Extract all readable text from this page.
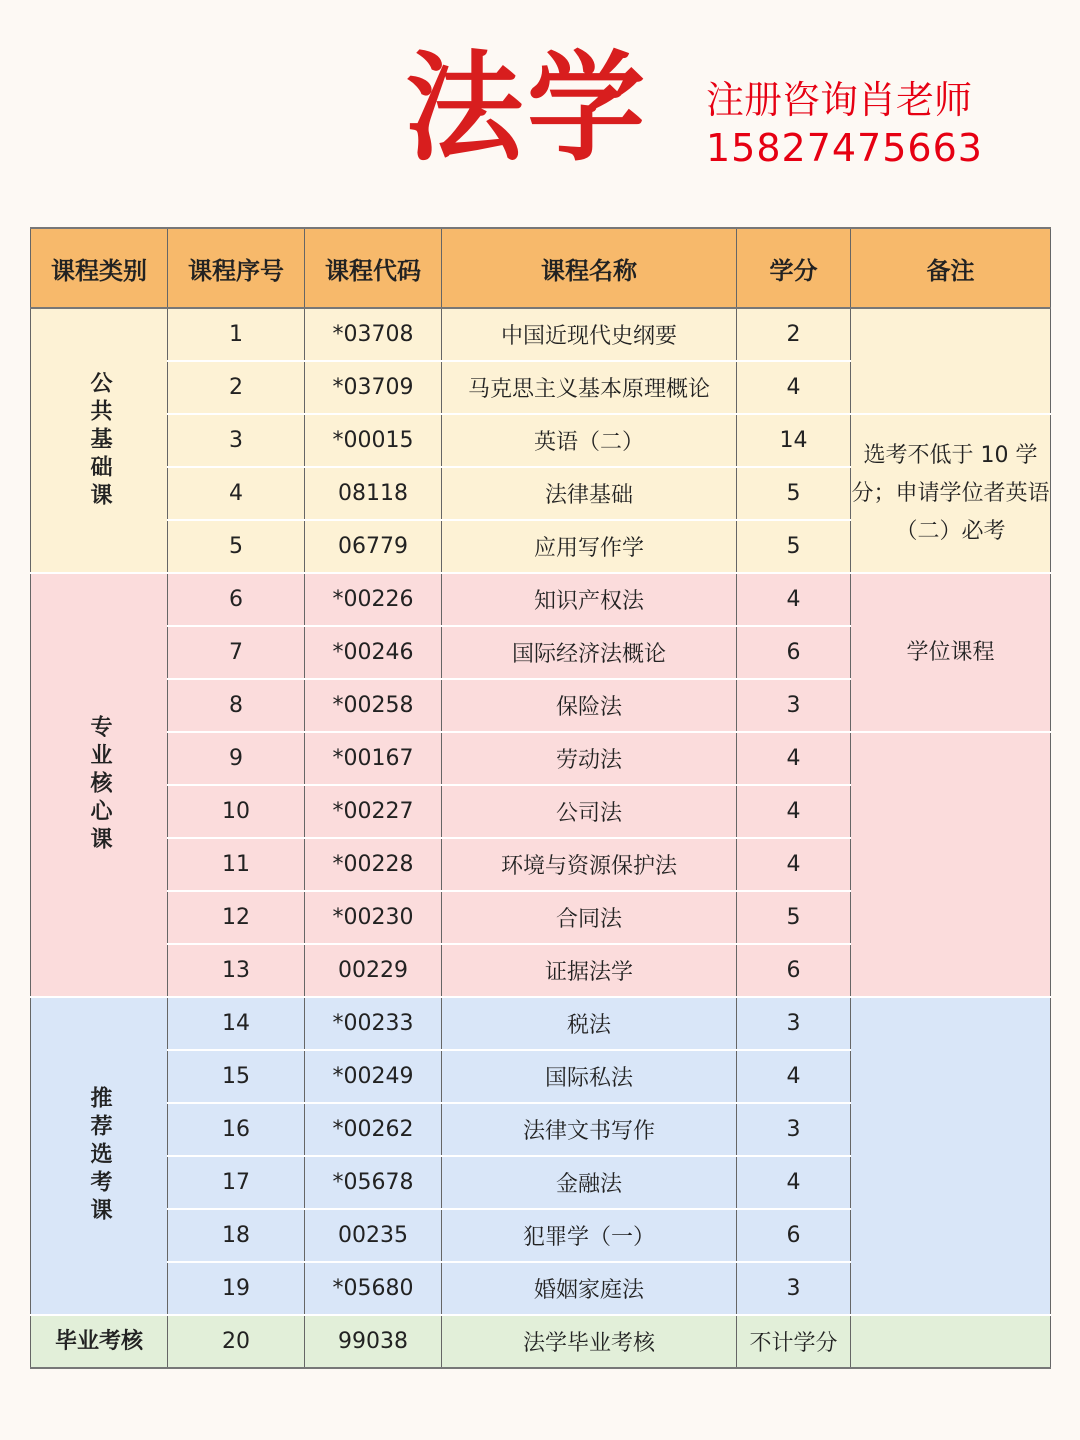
法学 注册咨询肖老师
15827475663
课程类别	课程序号	课程代码	课程名称	学分	备注
公共基础课	1	*03708	中国近现代史纲要	2	
	2	*03709	马克思主义基本原理概论	4	
	3	*00015	英语（二）	14	选考不低于 10 学分；申请学位者英语（二）必考
	4	08118	法律基础	5	
	5	06779	应用写作学	5	
专业核心课	6	*00226	知识产权法	4	学位课程
	7	*00246	国际经济法概论	6	
	8	*00258	保险法	3	
	9	*00167	劳动法	4	
	10	*00227	公司法	4	
	11	*00228	环境与资源保护法	4	
	12	*00230	合同法	5	
	13	00229	证据法学	6	
推荐选考课	14	*00233	税法	3	
	15	*00249	国际私法	4	
	16	*00262	法律文书写作	3	
	17	*05678	金融法	4	
	18	00235	犯罪学（一）	6	
	19	*05680	婚姻家庭法	3	
毕业考核	20	99038	法学毕业考核	不计学分	
